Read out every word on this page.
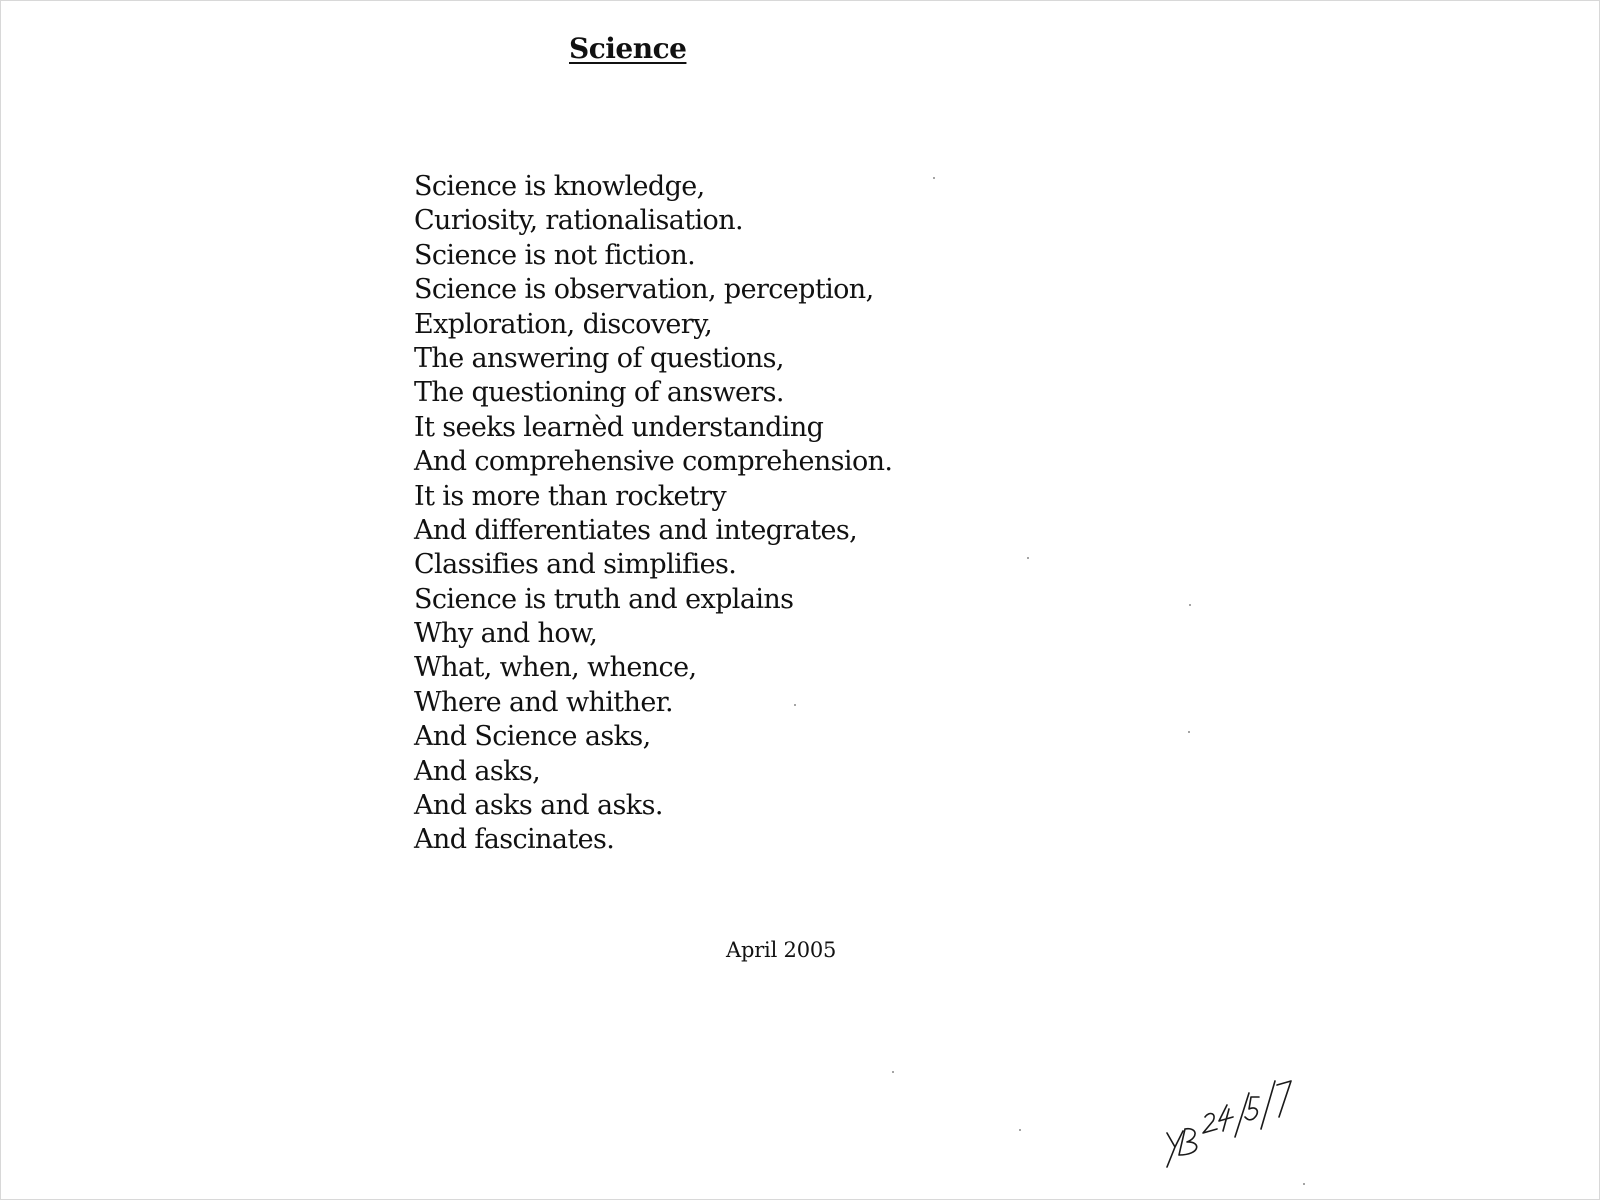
Science
Science is knowledge,
Curiosity, rationalisation.
Science is not fiction.
Science is observation, perception,
Exploration, discovery,
The answering of questions,
The questioning of answers.
It seeks learnèd understanding
And comprehensive comprehension.
It is more than rocketry
And differentiates and integrates,
Classifies and simplifies.
Science is truth and explains
Why and how,
What, when, whence,
Where and whither.
And Science asks,
And asks,
And asks and asks.
And fascinates.
April 2005
